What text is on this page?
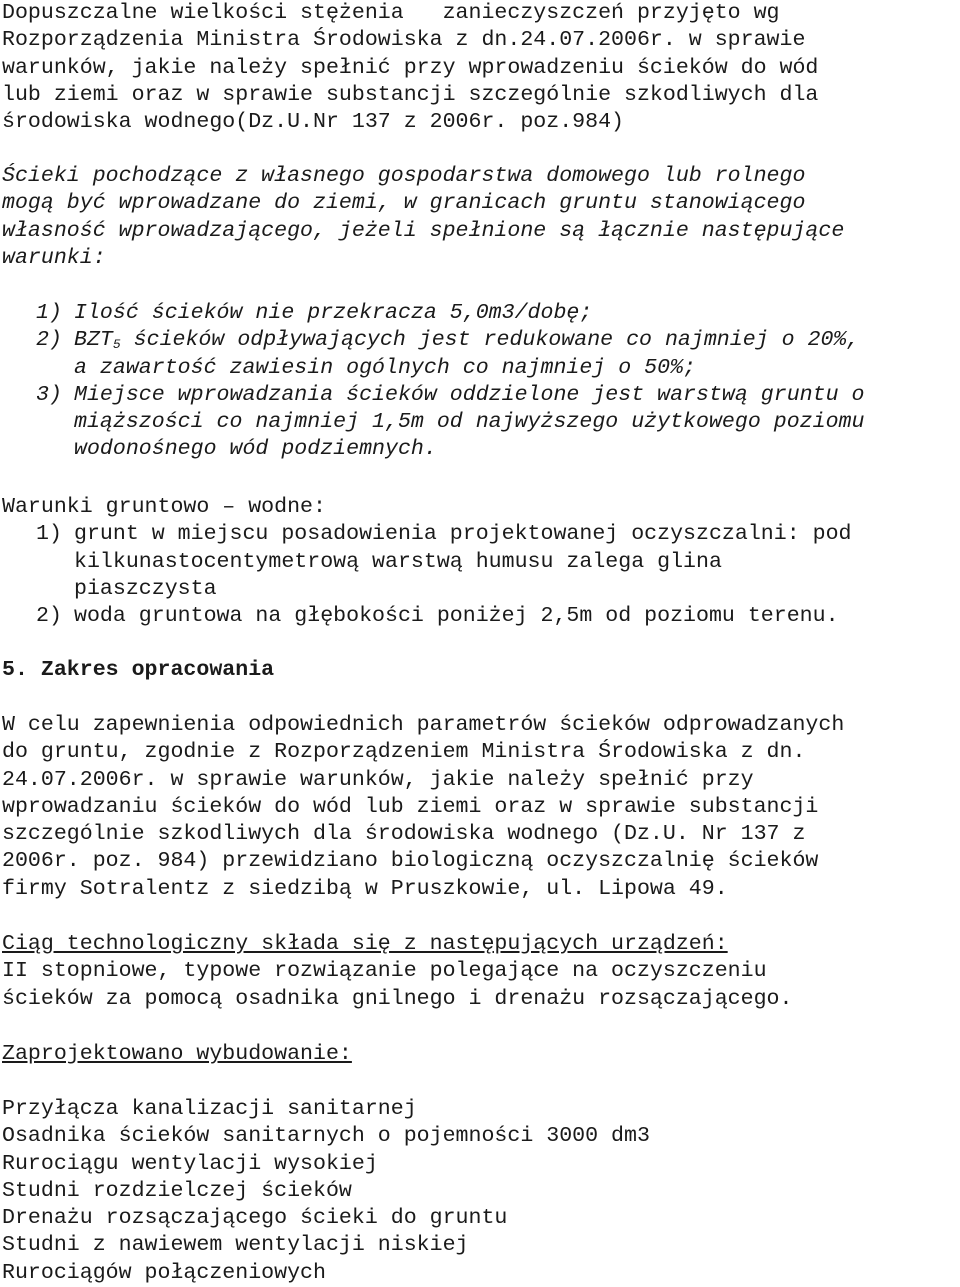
Dopuszczalne wielkości stężenia   zanieczyszczeń przyjęto wg
Rozporządzenia Ministra Środowiska z dn.24.07.2006r. w sprawie
warunków, jakie należy spełnić przy wprowadzeniu ścieków do wód
lub ziemi oraz w sprawie substancji szczególnie szkodliwych dla
środowiska wodnego(Dz.U.Nr 137 z 2006r. poz.984)
Ścieki pochodzące z własnego gospodarstwa domowego lub rolnego
mogą być wprowadzane do ziemi, w granicach gruntu stanowiącego
własność wprowadzającego, jeżeli spełnione są łącznie następujące
warunki:
1) Ilość ścieków nie przekracza 5,0m3/dobę;
2) $BZT_5$ ścieków odpływających jest redukowane co najmniej o 20%,
a zawartość zawiesin ogólnych co najmniej o 50%;
3) Miejsce wprowadzania ścieków oddzielone jest warstwą gruntu o
miąższości co najmniej 1,5m od najwyższego użytkowego poziomu
wodonośnego wód podziemnych.
Warunki gruntowo – wodne:
1) grunt w miejscu posadowienia projektowanej oczyszczalni: pod
kilkunastocentymetrową warstwą humusu zalega glina
piaszczysta
2) woda gruntowa na głębokości poniżej 2,5m od poziomu terenu.
5. Zakres opracowania
W celu zapewnienia odpowiednich parametrów ścieków odprowadzanych
do gruntu, zgodnie z Rozporządzeniem Ministra Środowiska z dn.
24.07.2006r. w sprawie warunków, jakie należy spełnić przy
wprowadzaniu ścieków do wód lub ziemi oraz w sprawie substancji
szczególnie szkodliwych dla środowiska wodnego (Dz.U. Nr 137 z
2006r. poz. 984) przewidziano biologiczną oczyszczalnię ścieków
firmy Sotralentz z siedzibą w Pruszkowie, ul. Lipowa 49.
Ciąg technologiczny składa się z następujących urządzeń:
II stopniowe, typowe rozwiązanie polegające na oczyszczeniu
ścieków za pomocą osadnika gnilnego i drenażu rozsączającego.
Zaprojektowano wybudowanie:
Przyłącza kanalizacji sanitarnej
Osadnika ścieków sanitarnych o pojemności 3000 dm3
Rurociągu wentylacji wysokiej
Studni rozdzielczej ścieków
Drenażu rozsączającego ścieki do gruntu
Studni z nawiewem wentylacji niskiej
Rurociągów połączeniowych
